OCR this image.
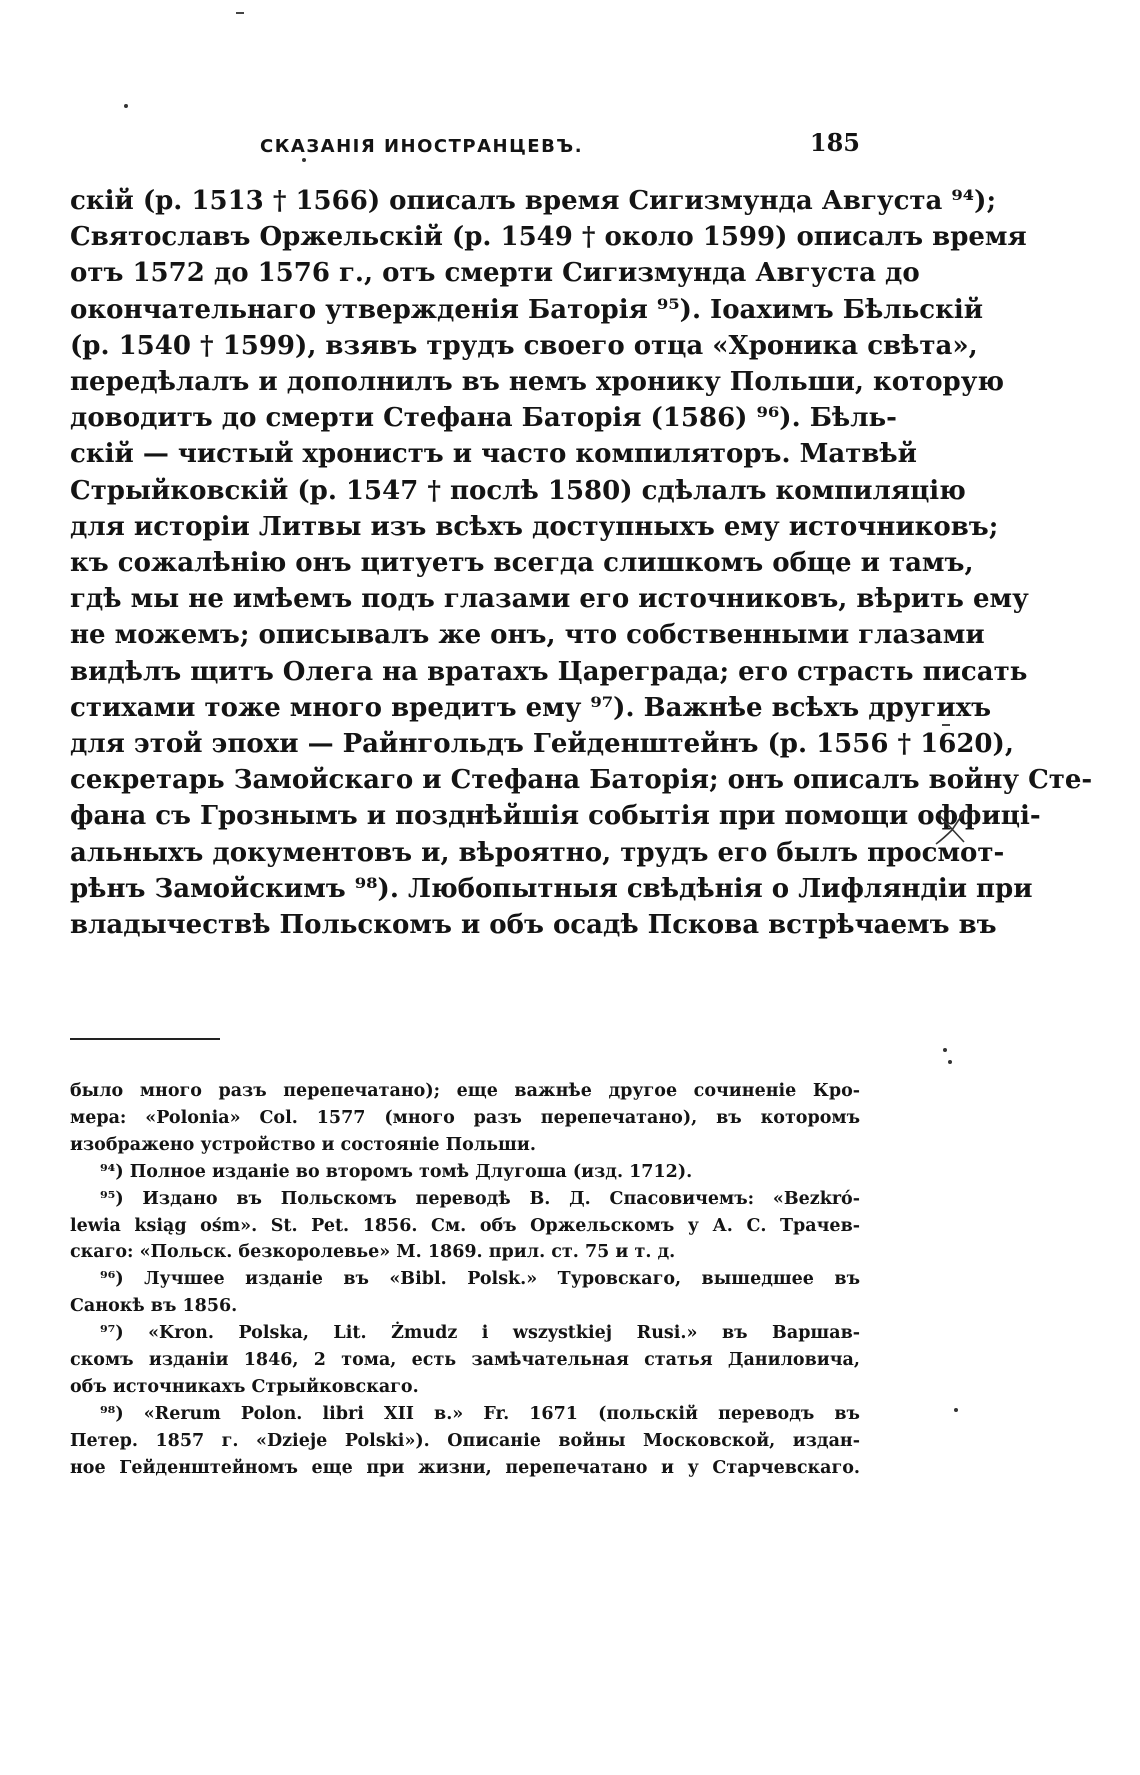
СКАЗАНІЯ ИНОСТРАНЦЕВЪ.	185
скій (р. 1513 † 1566) описалъ время Сигизмунда Августа ⁹⁴);
Святославъ Оржельскій (р. 1549 † около 1599) описалъ время
отъ 1572 до 1576 г., отъ смерти Сигизмунда Августа до
окончательнаго утвержденія Баторія ⁹⁵). Іоахимъ Бѣльскій
(р. 1540 † 1599), взявъ трудъ своего отца «Хроника свѣта»,
передѣлалъ и дополнилъ въ немъ хронику Польши, которую
доводитъ до смерти Стефана Баторія (1586) ⁹⁶). Бѣль-
скій — чистый хронистъ и часто компиляторъ. Матвѣй
Стрыйковскій (р. 1547 † послѣ 1580) сдѣлалъ компиляцію
для исторіи Литвы изъ всѣхъ доступныхъ ему источниковъ;
къ сожалѣнію онъ цитуетъ всегда слишкомъ обще и тамъ,
гдѣ мы не имѣемъ подъ глазами его источниковъ, вѣрить ему
не можемъ; описывалъ же онъ, что собственными глазами
видѣлъ щитъ Олега на вратахъ Цареграда; его страсть писать
стихами тоже много вредитъ ему ⁹⁷). Важнѣе всѣхъ другихъ
для этой эпохи — Райнгольдъ Гейденштейнъ (р. 1556 † 1620),
секретарь Замойскаго и Стефана Баторія; онъ описалъ войну Сте-
фана съ Грознымъ и позднѣйшія событія при помощи оффиці-
альныхъ документовъ и, вѣроятно, трудъ его былъ просмот-
рѣнъ Замойскимъ ⁹⁸). Любопытныя свѣдѣнія о Лифляндіи при
владычествѣ Польскомъ и объ осадѣ Пскова встрѣчаемъ въ
было много разъ перепечатано); еще важнѣе другое сочиненіе Кро-
мера: «Polonia» Col. 1577 (много разъ перепечатано), въ которомъ
изображено устройство и состояніе Польши.
⁹⁴) Полное изданіе во второмъ томѣ Длугоша (изд. 1712).
⁹⁵) Издано въ Польскомъ переводѣ В. Д. Спасовичемъ: «Bezkró-
lewia ksiąg ośm». St. Pet. 1856. См. объ Оржельскомъ у А. С. Трачев-
скаго: «Польск. безкоролевье» М. 1869. прил. ст. 75 и т. д.
⁹⁶) Лучшее изданіе въ «Bibl. Polsk.» Туровскаго, вышедшее въ
Санокѣ въ 1856.
⁹⁷) «Kron. Polska, Lit. Żmudz i wszystkiej Rusi.» въ Варшав-
скомъ изданіи 1846, 2 тома, есть замѣчательная статья Даниловича,
объ источникахъ Стрыйковскаго.
⁹⁸) «Rerum Polon. libri XII в.» Fr. 1671 (польскій переводъ въ
Петер. 1857 г. «Dzieje Polski»). Описаніе войны Московской, издан-
ное Гейденштейномъ еще при жизни, перепечатано и у Старчевскаго.
